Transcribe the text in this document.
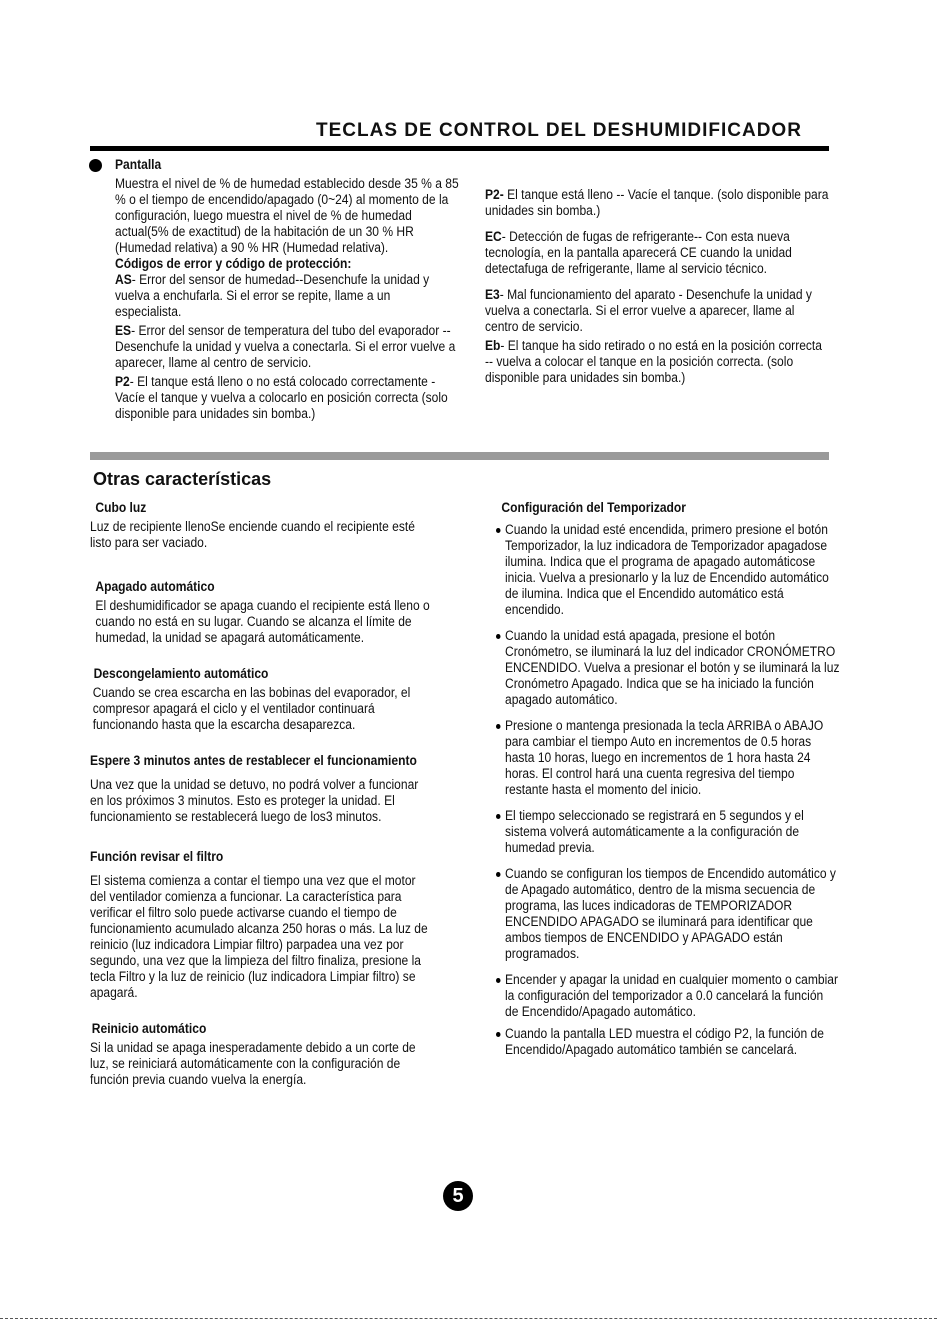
TECLAS DE CONTROL DEL DESHUMIDIFICADOR
Pantalla

Muestra el nivel de % de humedad establecido desde 35 % a 85 % o el tiempo de encendido/apagado (0~24) al momento de la configuración, luego muestra el nivel de % de humedad actual(5% de exactitud) de la habitación de un 30 % HR (Humedad relativa) a 90 % HR (Humedad relativa).

Códigos de error y código de protección:

AS- Error del sensor de humedad--Desenchufe la unidad y vuelva a enchufarla. Si el error se repite, llame a un especialista.

ES- Error del sensor de temperatura del tubo del evaporador -- Desenchufe la unidad y vuelva a conectarla. Si el error vuelve a aparecer, llame al centro de servicio.

P2- El tanque está lleno o no está colocado correctamente - Vacíe el tanque y vuelva a colocarlo en posición correcta (solo disponible para unidades sin bomba.)

P2- El tanque está lleno -- Vacíe el tanque. (solo disponible para unidades sin bomba.)

EC- Detección de fugas de refrigerante-- Con esta nueva tecnología, en la pantalla aparecerá CE cuando la unidad detectafuga de refrigerante, llame al servicio técnico.

E3- Mal funcionamiento del aparato - Desenchufe la unidad y vuelva a conectarla. Si el error vuelve a aparecer, llame al centro de servicio.

Eb- El tanque ha sido retirado o no está en la posición correcta -- vuelva a colocar el tanque en la posición correcta. (solo disponible para unidades sin bomba.)

Otras características

Cubo luz

Luz de recipiente llenoSe enciende cuando el recipiente esté listo para ser vaciado.

Apagado automático

El deshumidificador se apaga cuando el recipiente está lleno o cuando no está en su lugar. Cuando se alcanza el límite de humedad, la unidad se apagará automáticamente.

Descongelamiento automático

Cuando se crea escarcha en las bobinas del evaporador, el compresor apagará el ciclo y el ventilador continuará funcionando hasta que la escarcha desaparezca.

Espere 3 minutos antes de restablecer el funcionamiento

Una vez que la unidad se detuvo, no podrá volver a funcionar en los próximos 3 minutos. Esto es proteger la unidad. El funcionamiento se restablecerá luego de los3 minutos.

Función revisar el filtro

El sistema comienza a contar el tiempo una vez que el motor del ventilador comienza a funcionar. La característica para verificar el filtro solo puede activarse cuando el tiempo de funcionamiento acumulado alcanza 250 horas o más. La luz de reinicio (luz indicadora Limpiar filtro) parpadea una vez por segundo, una vez que la limpieza del filtro finaliza, presione la tecla Filtro y la luz de reinicio (luz indicadora Limpiar filtro) se apagará.

Reinicio automático

Si la unidad se apaga inesperadamente debido a un corte de luz, se reiniciará automáticamente con la configuración de función previa cuando vuelva la energía.

Configuración del Temporizador

Cuando la unidad esté encendida, primero presione el botón Temporizador, la luz indicadora de Temporizador apagadose ilumina. Indica que el programa de apagado automáticose inicia. Vuelva a presionarlo y la luz de Encendido automático de ilumina. Indica que el Encendido automático está encendido.

Cuando la unidad está apagada, presione el botón Cronómetro, se iluminará la luz del indicador CRONÓMETRO ENCENDIDO. Vuelva a presionar el botón y se iluminará la luz Cronómetro Apagado. Indica que se ha iniciado la función apagado automático.

Presione o mantenga presionada la tecla ARRIBA o ABAJO para cambiar el tiempo Auto en incrementos de 0.5 horas hasta 10 horas, luego en incrementos de 1 hora hasta 24 horas. El control hará una cuenta regresiva del tiempo restante hasta el momento del inicio.

El tiempo seleccionado se registrará en 5 segundos y el sistema volverá automáticamente a la configuración de humedad previa.

Cuando se configuran los tiempos de Encendido automático y de Apagado automático, dentro de la misma secuencia de programa, las luces indicadoras de TEMPORIZADOR ENCENDIDO APAGADO se iluminará para identificar que ambos tiempos de ENCENDIDO y APAGADO están programados.

Encender y apagar la unidad en cualquier momento o cambiar la configuración del temporizador a 0.0 cancelará la función de Encendido/Apagado automático.

Cuando la pantalla LED muestra el código P2, la función de Encendido/Apagado automático también se cancelará.

5
